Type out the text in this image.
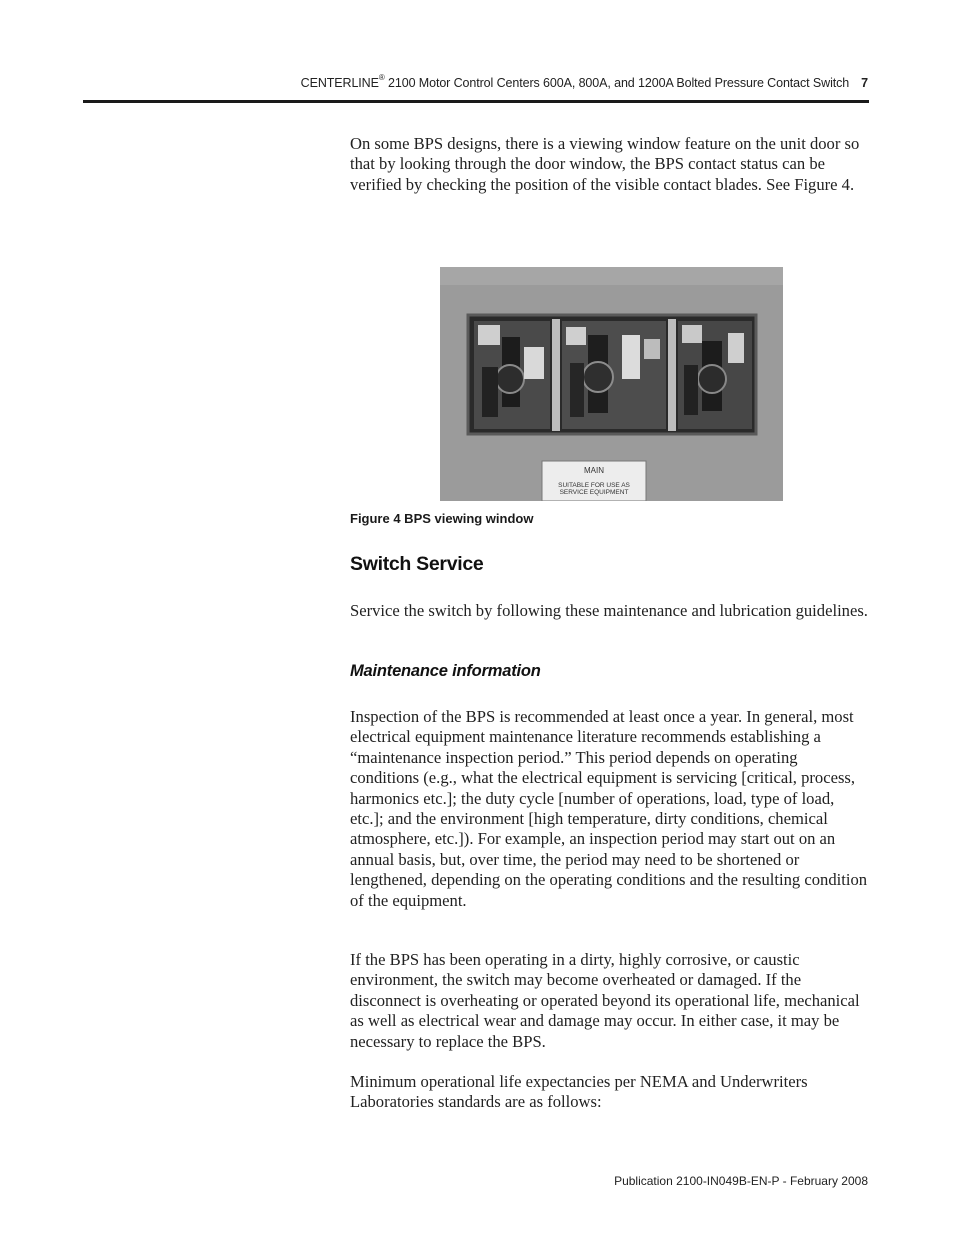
CENTERLINE® 2100 Motor Control Centers 600A, 800A, and 1200A Bolted Pressure Contact Switch 7

On some BPS designs, there is a viewing window feature on the unit door so that by looking through the door window, the BPS contact status can be verified by checking the position of the visible contact blades. See Figure 4.

MAIN
SUITABLE FOR USE AS
SERVICE EQUIPMENT
Figure 4 BPS viewing window
Switch Service

Service the switch by following these maintenance and lubrication guidelines.

Maintenance information

Inspection of the BPS is recommended at least once a year. In general, most electrical equipment maintenance literature recommends establishing a “maintenance inspection period.” This period depends on operating conditions (e.g., what the electrical equipment is servicing [critical, process, harmonics etc.]; the duty cycle [number of operations, load, type of load, etc.]; and the environment [high temperature, dirty conditions, chemical atmosphere, etc.]). For example, an inspection period may start out on an annual basis, but, over time, the period may need to be shortened or lengthened, depending on the operating conditions and the resulting condition of the equipment.

If the BPS has been operating in a dirty, highly corrosive, or caustic environment, the switch may become overheated or damaged. If the disconnect is overheating or operated beyond its operational life, mechanical as well as electrical wear and damage may occur. In either case, it may be necessary to replace the BPS.

Minimum operational life expectancies per NEMA and Underwriters Laboratories standards are as follows:

Publication 2100-IN049B-EN-P - February 2008
